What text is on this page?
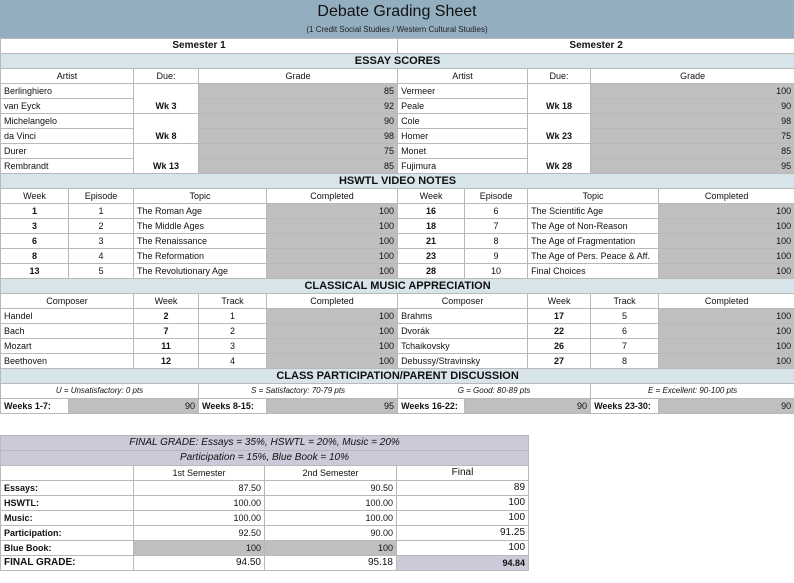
Debate Grading Sheet
(1 Credit Social Studies / Western Cultural Studies)
Semester 1					Semester 2				
ESSAY SCORES									
Artist		Due:	Grade		Artist		Due:	Grade	
Berlinghiero		Wk 3	85		Vermeer		Wk 18	100	
van Eyck			92		Peale			90	
Michelangelo		Wk 8	90		Cole		Wk 23	98	
da Vinci			98		Homer			75	
Durer		Wk 13	75		Monet		Wk 28	85	
Rembrandt			85		Fujimura			95	
HSWTL VIDEO NOTES									
Week	Episode	Topic		Completed	Week	Episode	Topic		Completed
1	1	The Roman Age		100	16	6	The Scientific Age		100
3	2	The Middle Ages		100	18	7	The Age of Non-Reason		100
6	3	The Renaissance		100	21	8	The Age of Fragmentation		100
8	4	The Reformation		100	23	9	The Age of Pers. Peace & Aff.		100
13	5	The Revolutionary Age		100	28	10	Final Choices		100
CLASSICAL MUSIC APPRECIATION									
Composer		Week	Track	Completed	Composer		Week	Track	Completed
Handel		2	1	100	Brahms		17	5	100
Bach		7	2	100	Dvorák		22	6	100
Mozart		11	3	100	Tchaikovsky		26	7	100
Beethoven		12	4	100	Debussy/Stravinsky		27	8	100
CLASS PARTICIPATION/PARENT DISCUSSION									
U = Unsatisfactory: 0 pts			S = Satisfactory: 70-79 pts		G = Good: 80-89 pts			E = Excellent: 90-100 pts	
Weeks 1-7:	90		Weeks 8-15:	95	Weeks 16-22:	90		Weeks 23-30:	90
FINAL GRADE: Essays = 35%, HSWTL = 20%, Music = 20%			
Participation = 15%, Blue Book = 10%			
	1st Semester	2nd Semester	Final
Essays:	87.50	90.50	89
HSWTL:	100.00	100.00	100
Music:	100.00	100.00	100
Participation:	92.50	90.00	91.25
Blue Book:	100	100	100
FINAL GRADE:	94.50	95.18	94.84
